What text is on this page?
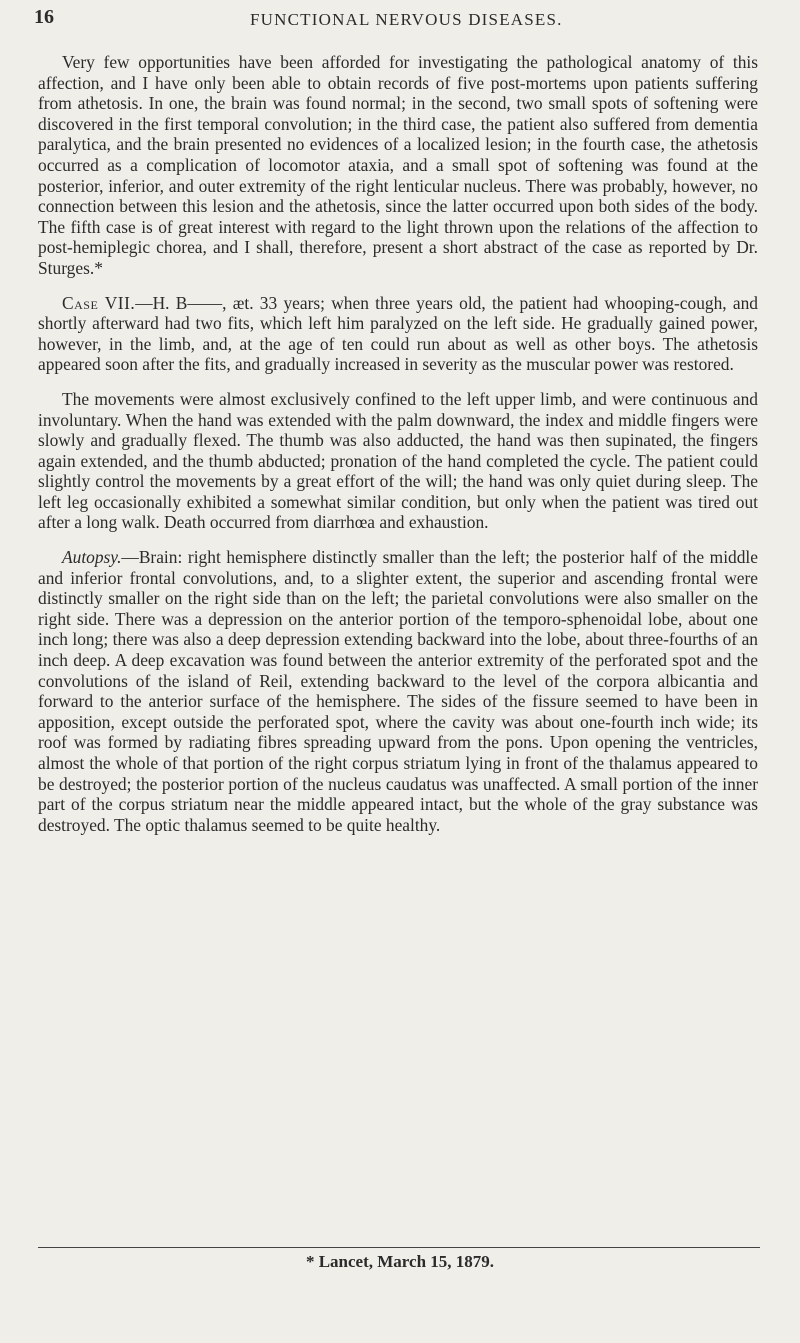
16	FUNCTIONAL NERVOUS DISEASES.

Very few opportunities have been afforded for investigating the pathological anatomy of this affection, and I have only been able to obtain records of five post-mortems upon patients suffering from athetosis. In one, the brain was found normal; in the second, two small spots of softening were discovered in the first temporal convolution; in the third case, the patient also suffered from dementia paralytica, and the brain presented no evidences of a localized lesion; in the fourth case, the athetosis occurred as a complication of locomotor ataxia, and a small spot of softening was found at the posterior, inferior, and outer extremity of the right lenticular nucleus. There was probably, however, no connection between this lesion and the athetosis, since the latter occurred upon both sides of the body. The fifth case is of great interest with regard to the light thrown upon the relations of the affection to post-hemiplegic chorea, and I shall, therefore, present a short abstract of the case as reported by Dr. Sturges.*

Case VII.—H. B——, æt. 33 years; when three years old, the patient had whooping-cough, and shortly afterward had two fits, which left him paralyzed on the left side. He gradually gained power, however, in the limb, and, at the age of ten could run about as well as other boys. The athetosis appeared soon after the fits, and gradually increased in severity as the muscular power was restored.

The movements were almost exclusively confined to the left upper limb, and were continuous and involuntary. When the hand was extended with the palm downward, the index and middle fingers were slowly and gradually flexed. The thumb was also adducted, the hand was then supinated, the fingers again extended, and the thumb abducted; pronation of the hand completed the cycle. The patient could slightly control the movements by a great effort of the will; the hand was only quiet during sleep. The left leg occasionally exhibited a somewhat similar condition, but only when the patient was tired out after a long walk. Death occurred from diarrhœa and exhaustion.

Autopsy.—Brain: right hemisphere distinctly smaller than the left; the posterior half of the middle and inferior frontal convolutions, and, to a slighter extent, the superior and ascending frontal were distinctly smaller on the right side than on the left; the parietal convolutions were also smaller on the right side. There was a depression on the anterior portion of the temporo-sphenoidal lobe, about one inch long; there was also a deep depression extending backward into the lobe, about three-fourths of an inch deep. A deep excavation was found between the anterior extremity of the perforated spot and the convolutions of the island of Reil, extending backward to the level of the corpora albicantia and forward to the anterior surface of the hemisphere. The sides of the fissure seemed to have been in apposition, except outside the perforated spot, where the cavity was about one-fourth inch wide; its roof was formed by radiating fibres spreading upward from the pons. Upon opening the ventricles, almost the whole of that portion of the right corpus striatum lying in front of the thalamus appeared to be destroyed; the posterior portion of the nucleus caudatus was unaffected. A small portion of the inner part of the corpus striatum near the middle appeared intact, but the whole of the gray substance was destroyed. The optic thalamus seemed to be quite healthy.

* Lancet, March 15, 1879.
